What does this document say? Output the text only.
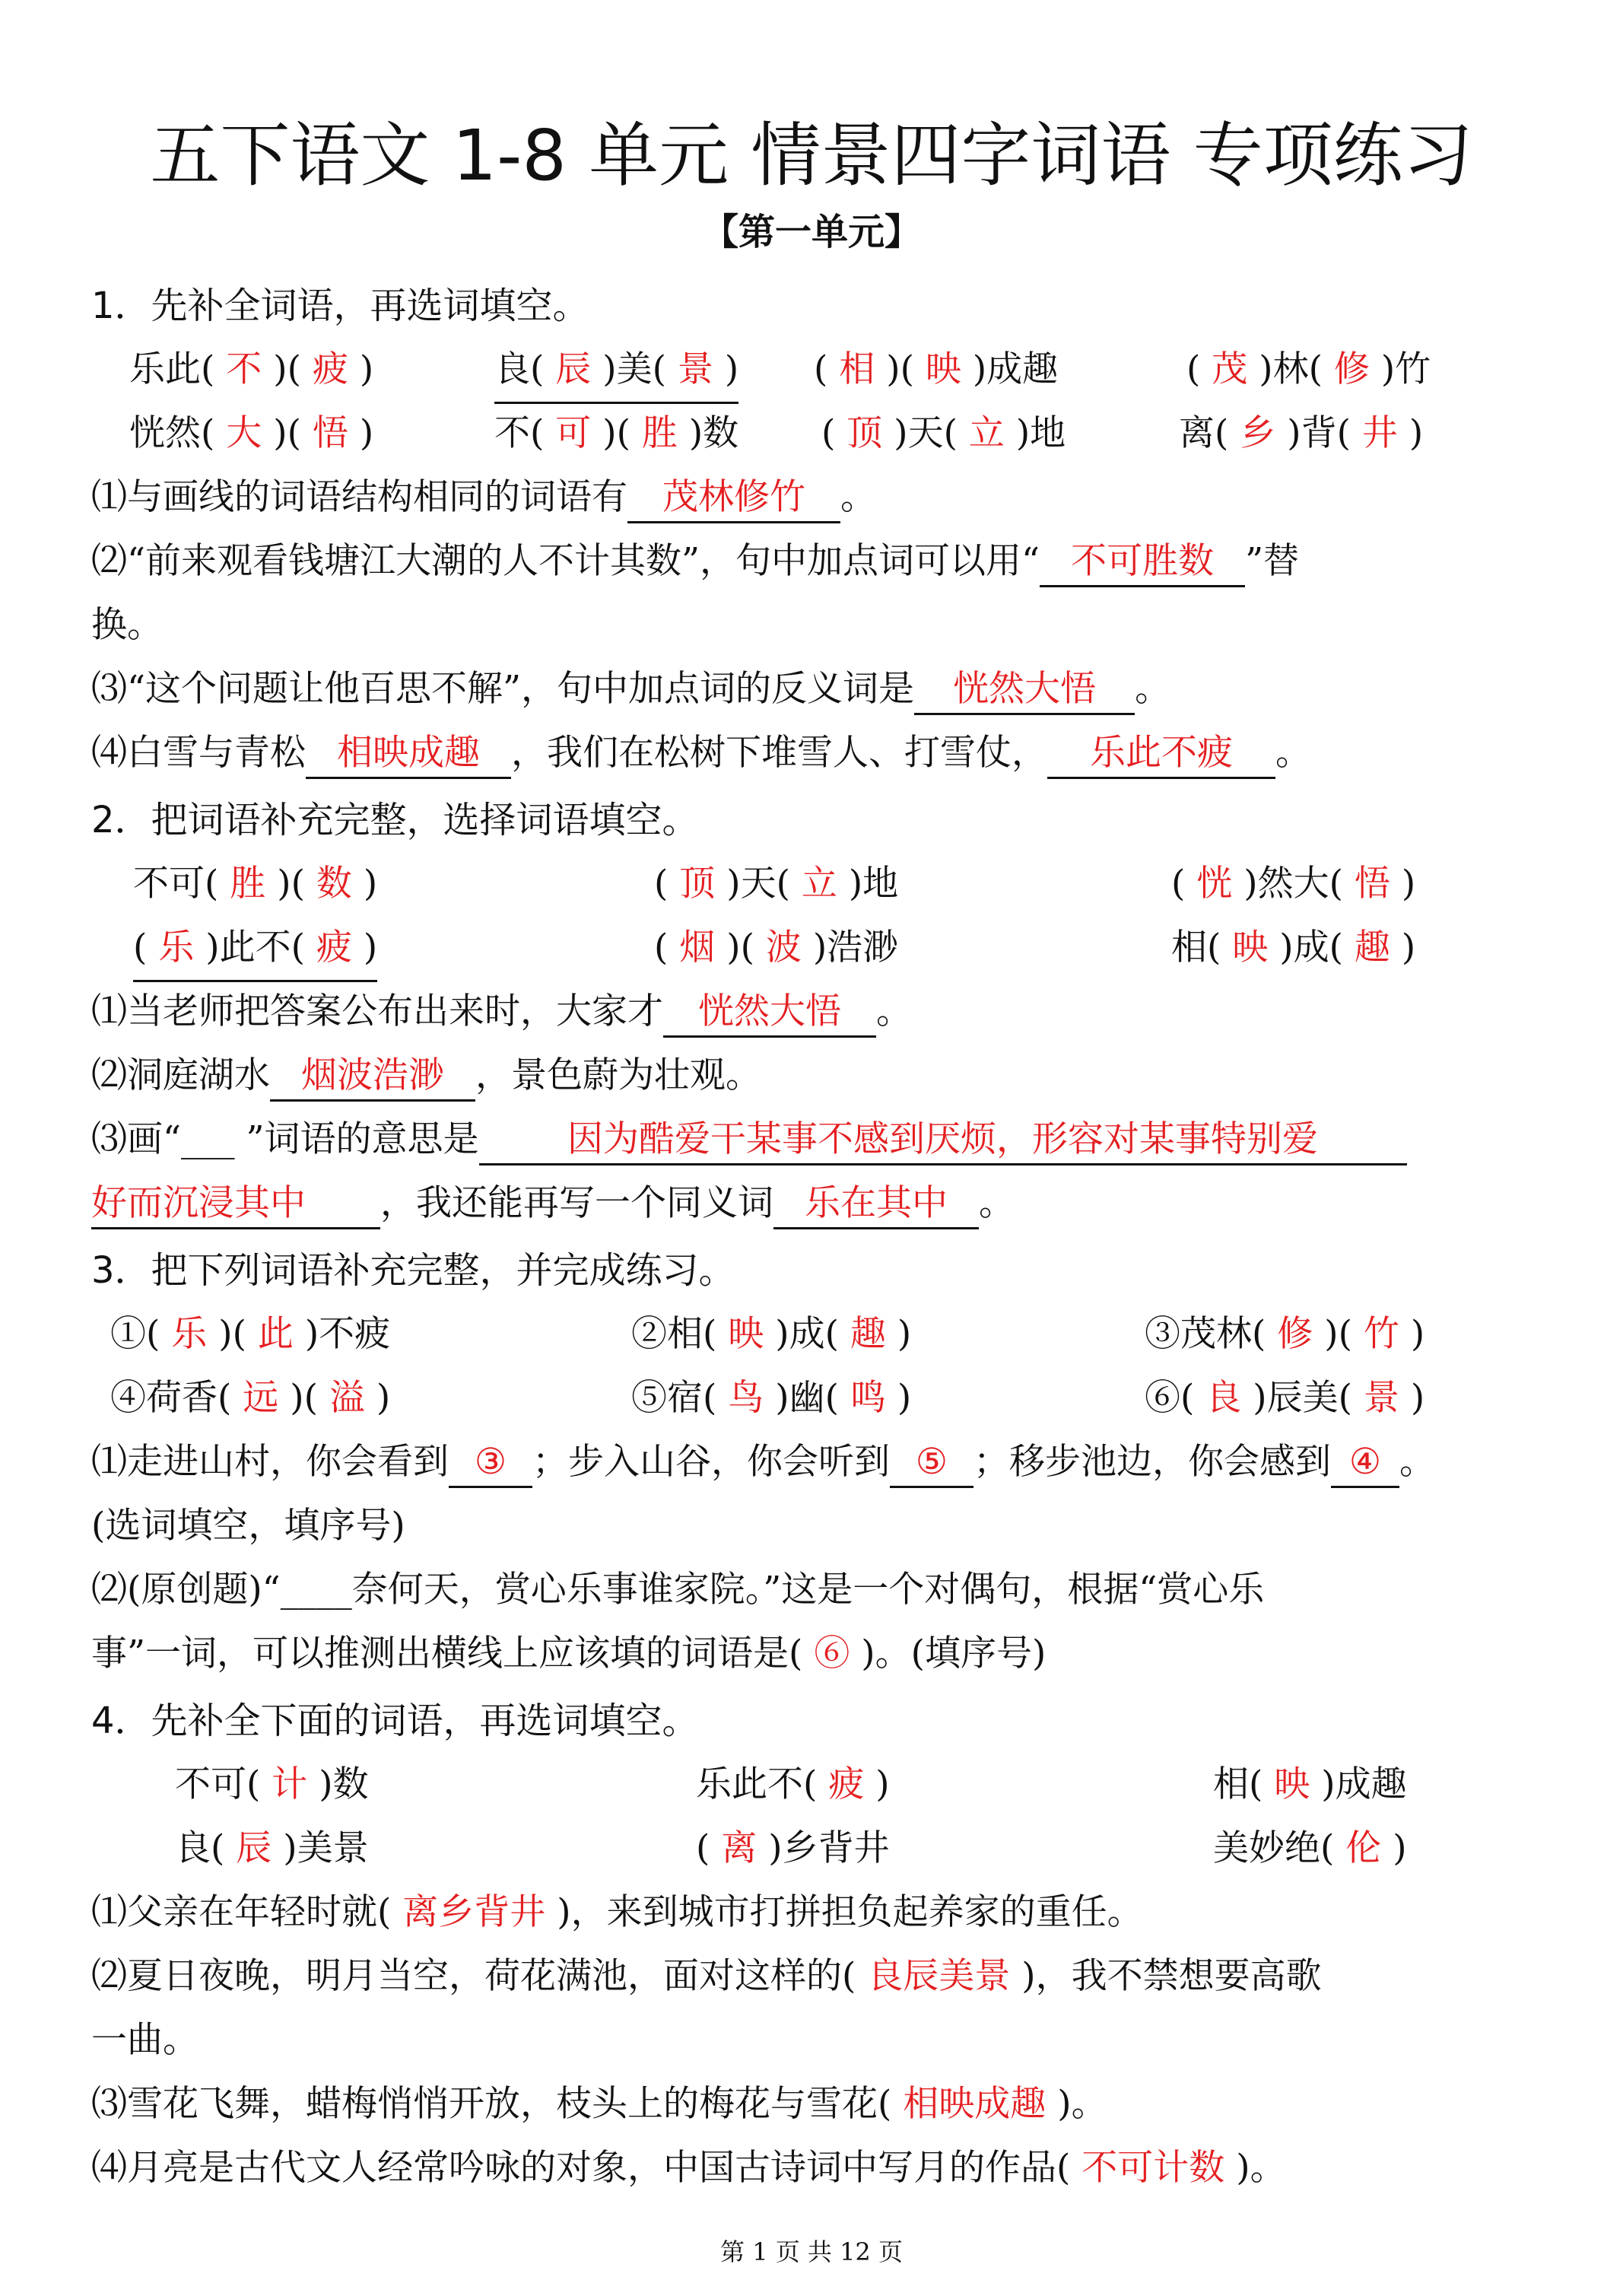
五下语文 1-8 单元 情景四字词语 专项练习
【第一单元】
1．先补全词语，再选词填空。
乐此( 不 )( 疲 )	良( 辰 )美( 景 ) ( 相 )( 映 )成趣	( 茂 )林( 修 )竹
恍然( 大 )( 悟 )	不( 可 )( 胜 )数 ( 顶 )天( 立 )地	离( 乡 )背( 井 )
⑴与画线的词语结构相同的词语有 茂林修竹 。
⑵“前来观看钱塘江大潮的人不计其数”，句中加点词可以用“ 不可胜数 ”替
换。
⑶“这个问题让他百思不解”，句中加点词的反义词是 恍然大悟 。
⑷白雪与青松 相映成趣 ，我们在松树下堆雪人、打雪仗， 乐此不疲 。
2．把词语补充完整，选择词语填空。
不可( 胜 )( 数 )	( 顶 )天( 立 )地	( 恍 )然大( 悟 )
( 乐 )此不( 疲 )	( 烟 )( 波 )浩渺	相( 映 )成( 趣 )
⑴当老师把答案公布出来时，大家才 恍然大悟 。
⑵洞庭湖水 烟波浩渺 ，景色蔚为壮观。
⑶画“___ ”词语的意思是 因为酷爱干某事不感到厌烦，形容对某事特别爱
好而沉浸其中 ，我还能再写一个同义词 乐在其中 。
3．把下列词语补充完整，并完成练习。
①( 乐 )( 此 )不疲	②相( 映 )成( 趣 )	③茂林( 修 )( 竹 )
④荷香( 远 )( 溢 )	⑤宿( 鸟 )幽( 鸣 )	⑥( 良 )辰美( 景 )
⑴走进山村，你会看到 ③ ；步入山谷，你会听到 ⑤ ；移步池边，你会感到 ④ 。
(选词填空，填序号)
⑵(原创题)“____奈何天，赏心乐事谁家院。”这是一个对偶句，根据“赏心乐
事”一词，可以推测出横线上应该填的词语是( ⑥ )。(填序号)
4．先补全下面的词语，再选词填空。
不可( 计 )数	乐此不( 疲 )	相( 映 )成趣
良( 辰 )美景	( 离 )乡背井	美妙绝( 伦 )
⑴父亲在年轻时就( 离乡背井 )，来到城市打拼担负起养家的重任。
⑵夏日夜晚，明月当空，荷花满池，面对这样的( 良辰美景 )，我不禁想要高歌
一曲。
⑶雪花飞舞，蜡梅悄悄开放，枝头上的梅花与雪花( 相映成趣 )。
⑷月亮是古代文人经常吟咏的对象，中国古诗词中写月的作品( 不可计数 )。
第 1 页 共 12 页
